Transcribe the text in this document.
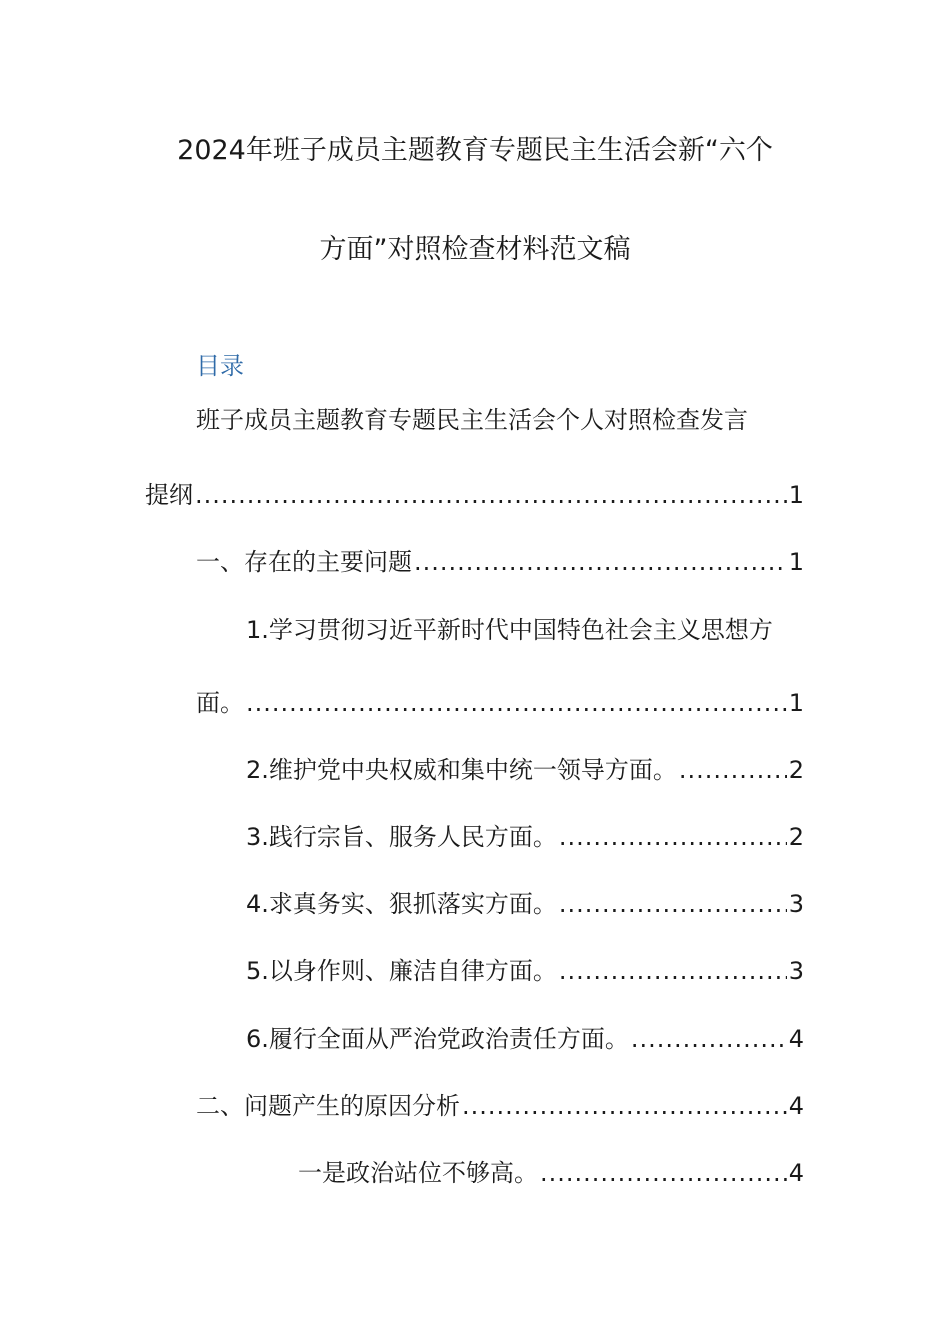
2024年班子成员主题教育专题民主生活会新“六个
方面”对照检查材料范文稿
目录
班子成员主题教育专题民主生活会个人对照检查发言
提纲 .....	1
一、存在的主要问题 .....	1
1.学习贯彻习近平新时代中国特色社会主义思想方
面。 .....	1
2.维护党中央权威和集中统一领导方面。 .....	2
3.践行宗旨、服务人民方面。 .....	2
4.求真务实、狠抓落实方面。 .....	3
5.以身作则、廉洁自律方面。 .....	3
6.履行全面从严治党政治责任方面。 .....	4
二、问题产生的原因分析 .....	4
一是政治站位不够高。 .....	4
